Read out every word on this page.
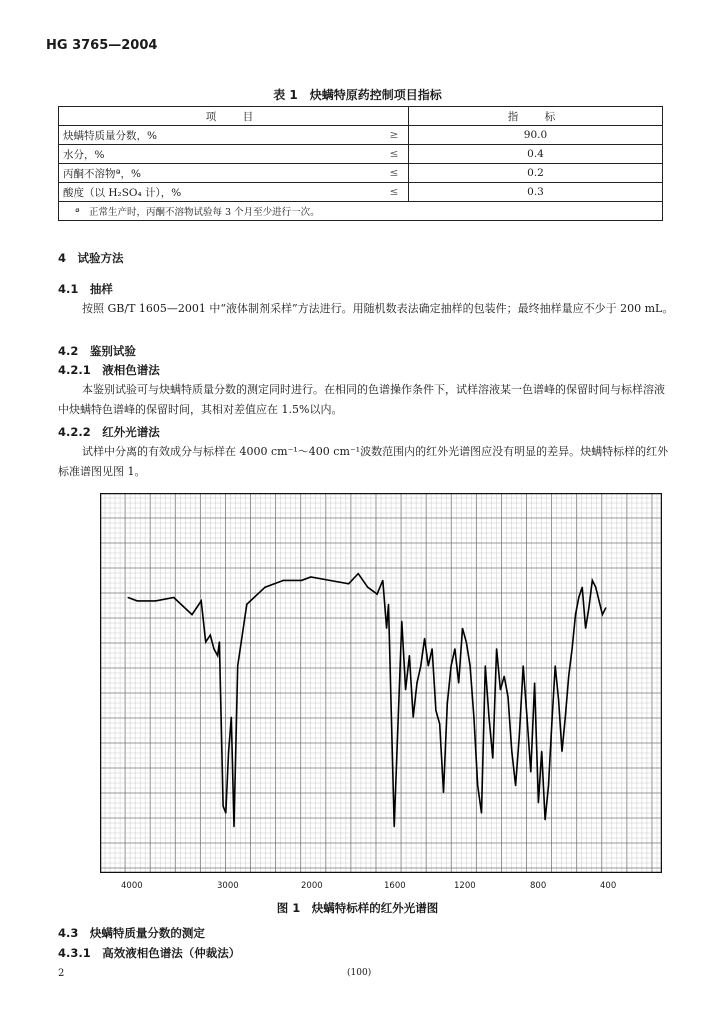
HG 3765—2004
表 1　炔螨特原药控制项目指标
项　目		指　标
炔螨特质量分数，%	≥	90.0
水分，%	≤	0.4
丙酮不溶物ª，%	≤	0.2
酸度（以 H₂SO₄ 计），%	≤	0.3
ª　正常生产时，丙酮不溶物试验每 3 个月至少进行一次。		
4　试验方法
4.1　抽样
按照 GB/T 1605—2001 中“液体制剂采样”方法进行。用随机数表法确定抽样的包装件；最终抽样量应不少于 200 mL。
4.2　鉴别试验
4.2.1　液相色谱法
本鉴别试验可与炔螨特质量分数的测定同时进行。在相同的色谱操作条件下，试样溶液某一色谱峰的保留时间与标样溶液中炔螨特色谱峰的保留时间，其相对差值应在 1.5%以内。
4.2.2　红外光谱法
试样中分离的有效成分与标样在 4000 cm⁻¹～400 cm⁻¹波数范围内的红外光谱图应没有明显的差异。炔螨特标样的红外标准谱图见图 1。
4000	3000	2000	1600	1200	800	400
图 1　炔螨特标样的红外光谱图
4.3　炔螨特质量分数的测定
4.3.1　高效液相色谱法（仲裁法）
2	(100)
